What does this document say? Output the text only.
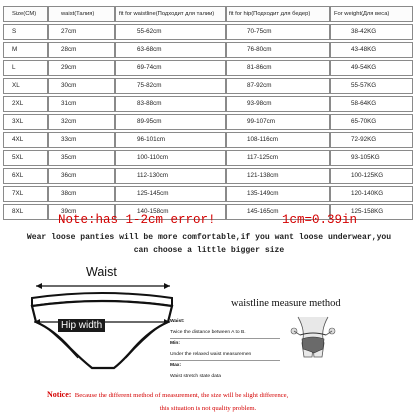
Size(CM)	waist(Талия)	fit for waistline(Подходит для талии)	fit for hip(Подходит для бедер)	For weight(Для веса)
S	27cm	55-62cm	70-75cm	38-42KG
M	28cm	63-68cm	76-80cm	43-48KG
L	29cm	69-74cm	81-86cm	49-54KG
XL	30cm	75-82cm	87-92cm	55-57KG
2XL	31cm	83-88cm	93-98cm	58-64KG
3XL	32cm	89-95cm	99-107cm	65-70KG
4XL	33cm	96-101cm	108-116cm	72-92KG
5XL	35cm	100-110cm	117-125cm	93-105KG
6XL	36cm	112-130cm	121-138cm	100-125KG
7XL	38cm	125-145cm	135-149cm	120-140KG
8XL	39cm	140-158cm	145-165cm	125-158KG
Note:has 1-2cm error!	1cm=0.39in
Wear loose panties will be more comfortable,if you want loose underwear,you
can choose a little bigger size
Waist
Hip width
waistline measure method
Waist:
Twice the distance between A to B.
Min:
Under the relaxed waist measuremen
Max:
Waist stretch state data
Notice: Because the different method of measurement, the size will be slight difference,
this situation is not quality problem.
